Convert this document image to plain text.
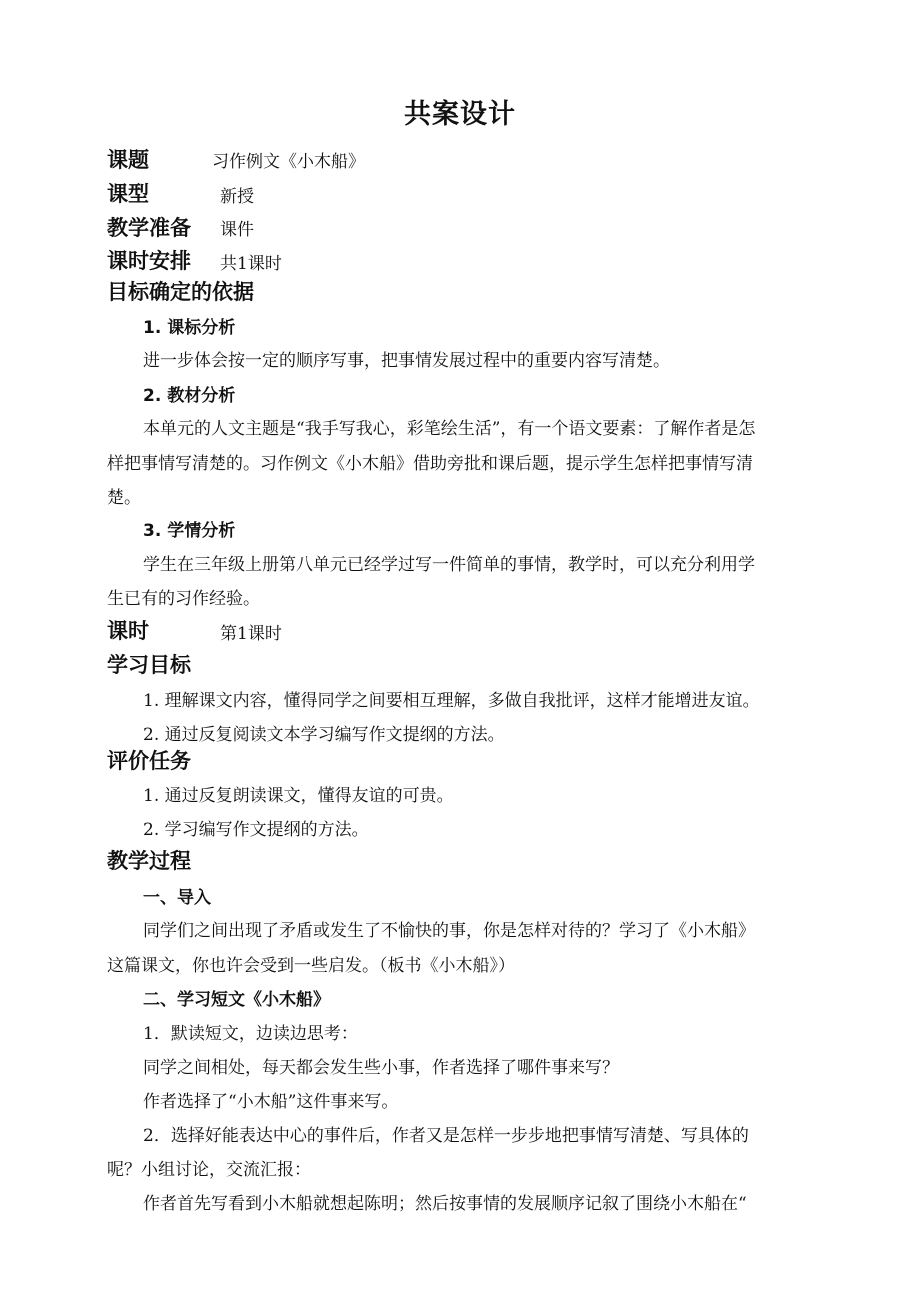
共案设计
课题	习作例文《小木船》
课型	新授
教学准备 课件
课时安排 共1课时
目标确定的依据
1. 课标分析
进一步体会按一定的顺序写事，把事情发展过程中的重要内容写清楚。
2. 教材分析
本单元的人文主题是“我手写我心，彩笔绘生活”，有一个语文要素：了解作者是怎
样把事情写清楚的。习作例文《小木船》借助旁批和课后题，提示学生怎样把事情写清
楚。
3. 学情分析
学生在三年级上册第八单元已经学过写一件简单的事情，教学时，可以充分利用学
生已有的习作经验。
课时	第1课时
学习目标
1. 理解课文内容，懂得同学之间要相互理解，多做自我批评，这样才能增进友谊。
2. 通过反复阅读文本学习编写作文提纲的方法。
评价任务
1. 通过反复朗读课文，懂得友谊的可贵。
2. 学习编写作文提纲的方法。
教学过程
一、导入
同学们之间出现了矛盾或发生了不愉快的事，你是怎样对待的？学习了《小木船》
这篇课文，你也许会受到一些启发。（板书《小木船》）
二、学习短文《小木船》
1．默读短文，边读边思考：
同学之间相处，每天都会发生些小事，作者选择了哪件事来写？
作者选择了“小木船”这件事来写。
2．选择好能表达中心的事件后，作者又是怎样一步步地把事情写清楚、写具体的
呢？小组讨论，交流汇报：
作者首先写看到小木船就想起陈明；然后按事情的发展顺序记叙了围绕小木船在“
